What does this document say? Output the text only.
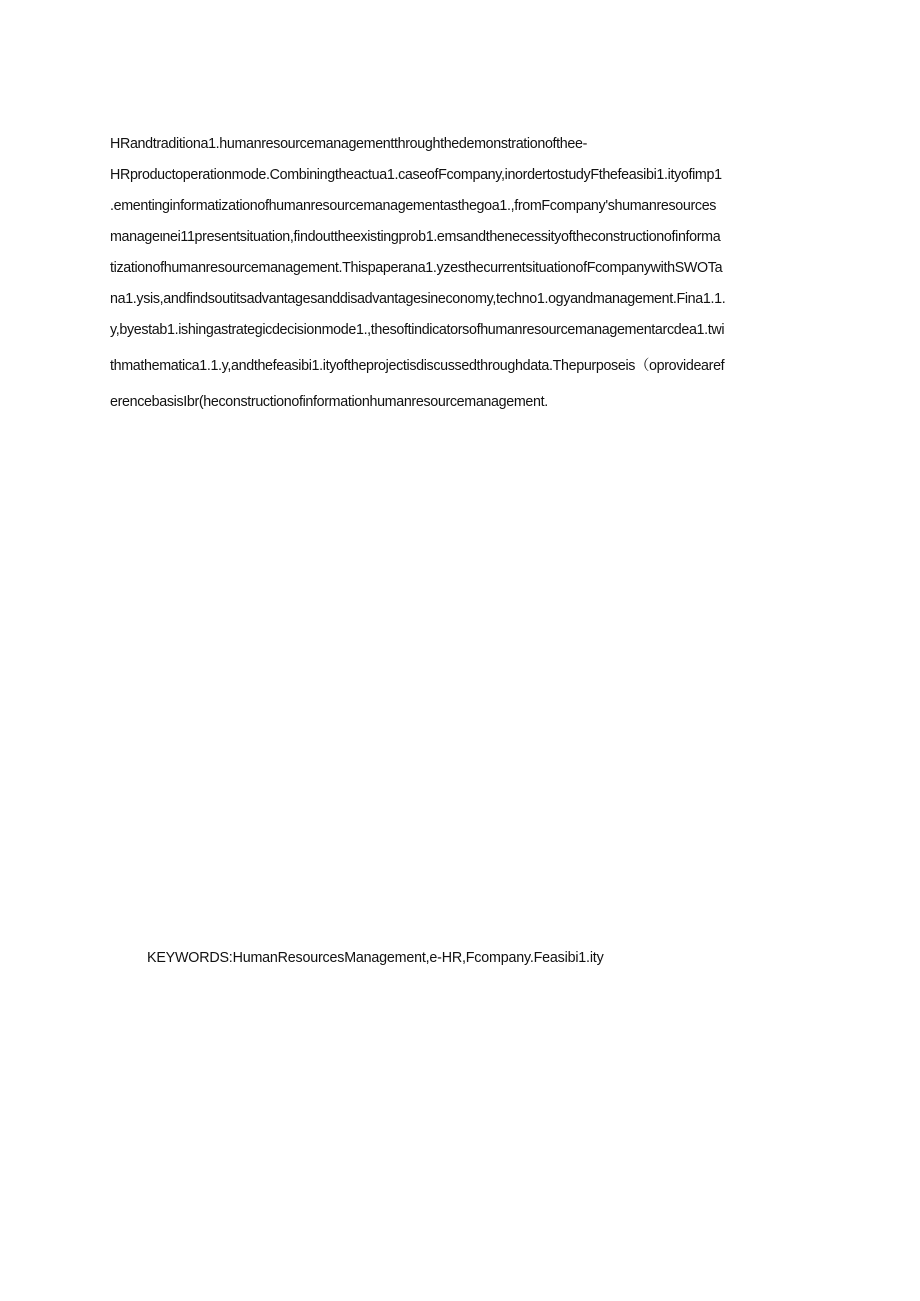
HRandtraditiona1.humanresourcemanagementthroughthedemonstrationofthee-
HRproductoperationmode.Combiningtheactua1.caseofFcompany,inordertostudyFthefeasibi1.ityofimp1
.ementinginformatizationofhumanresourcemanagementasthegoa1.,fromFcompany'shumanresources
manageιnei11presentsituation,findouttheexistingprob1.emsandthenecessityoftheconstructionofinforma
tizationofhumanresourcemanagement.Thispaperana1.yzesthecurrentsituationofFcompanywithSWOTa
na1.ysis,andfindsoutitsadvantagesanddisadvantagesineconomy,techno1.ogyandmanagement.Fina1.1.
y,byestab1.ishingastrategicdecisionmode1.,thesoftindicatorsofhumanresourcemanagementarcdea1.twi
thmathematica1.1.y,andthefeasibi1.ityoftheprojectisdiscussedthroughdata.Thepurposeis（oprovidearef
erencebasisIbr(heconstructionofinformationhumanresourcemanagement.
KEYWORDS:HumanResourcesManagement,e-HR,Fcompany.Feasibi1.ity
